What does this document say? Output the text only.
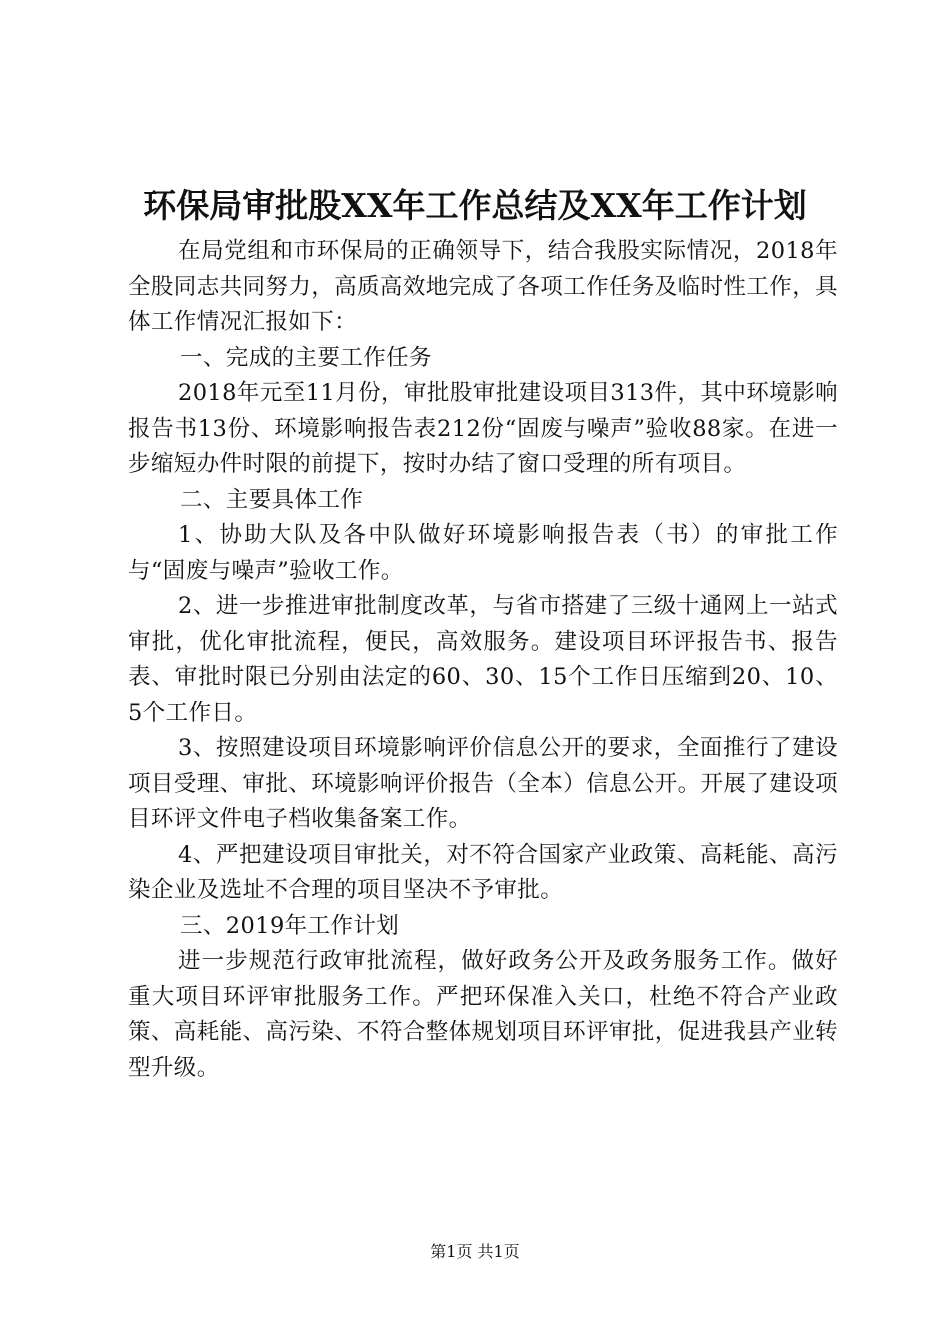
环保局审批股XX年工作总结及XX年工作计划

在局党组和市环保局的正确领导下，结合我股实际情况，2018年全股同志共同努力，高质高效地完成了各项工作任务及临时性工作，具体工作情况汇报如下：

一、完成的主要工作任务

2018年元至11月份，审批股审批建设项目313件，其中环境影响报告书13份、环境影响报告表212份“固废与噪声”验收88家。在进一步缩短办件时限的前提下，按时办结了窗口受理的所有项目。

二、主要具体工作

1、协助大队及各中队做好环境影响报告表（书）的审批工作与“固废与噪声”验收工作。

2、进一步推进审批制度改革，与省市搭建了三级十通网上一站式审批，优化审批流程，便民，高效服务。建设项目环评报告书、报告表、审批时限已分别由法定的60、30、15个工作日压缩到20、10、5个工作日。

3、按照建设项目环境影响评价信息公开的要求，全面推行了建设项目受理、审批、环境影响评价报告（全本）信息公开。开展了建设项目环评文件电子档收集备案工作。

4、严把建设项目审批关，对不符合国家产业政策、高耗能、高污染企业及选址不合理的项目坚决不予审批。

三、2019年工作计划

进一步规范行政审批流程，做好政务公开及政务服务工作。做好重大项目环评审批服务工作。严把环保准入关口，杜绝不符合产业政策、高耗能、高污染、不符合整体规划项目环评审批，促进我县产业转型升级。

第1页 共1页
